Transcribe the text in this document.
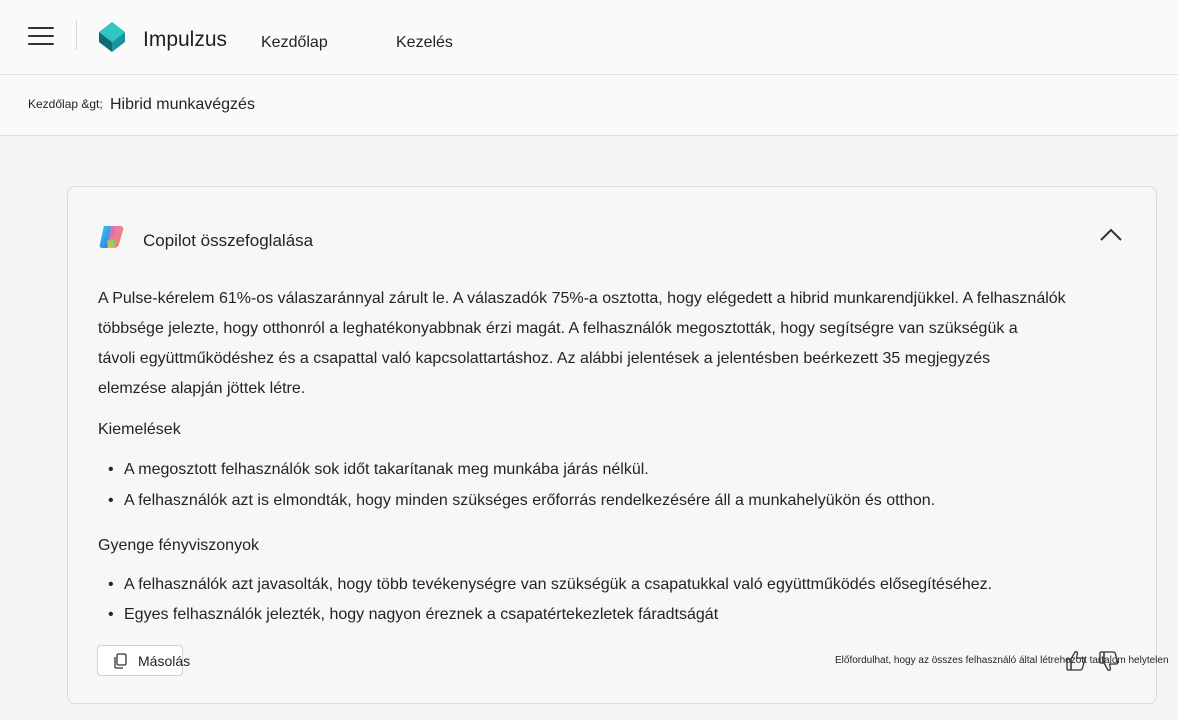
Impulzus Kezdőlap	Kezelés
Kezdőlap &gt; Hibrid munkavégzés
Copilot összefoglalása

A Pulse-kérelem 61%-os válaszaránnyal zárult le. A válaszadók 75%-a osztotta, hogy elégedett a hibrid munkarendjükkel. A felhasználók

többsége jelezte, hogy otthonról a leghatékonyabbnak érzi magát. A felhasználók megosztották, hogy segítségre van szükségük a

távoli együttműködéshez és a csapattal való kapcsolattartáshoz. Az alábbi jelentések a jelentésben beérkezett 35 megjegyzés

elemzése alapján jöttek létre.

Kiemelések
• A megosztott felhasználók sok időt takarítanak meg munkába járás nélkül.
• A felhasználók azt is elmondták, hogy minden szükséges erőforrás rendelkezésére áll a munkahelyükön és otthon.
Gyenge fényviszonyok
• A felhasználók azt javasolták, hogy több tevékenységre van szükségük a csapatukkal való együttműködés elősegítéséhez.
• Egyes felhasználók jelezték, hogy nagyon éreznek a csapatértekezletek fáradtságát
Másolás	Előfordulhat, hogy az összes felhasználó által létrehozott tartalom helytelen
